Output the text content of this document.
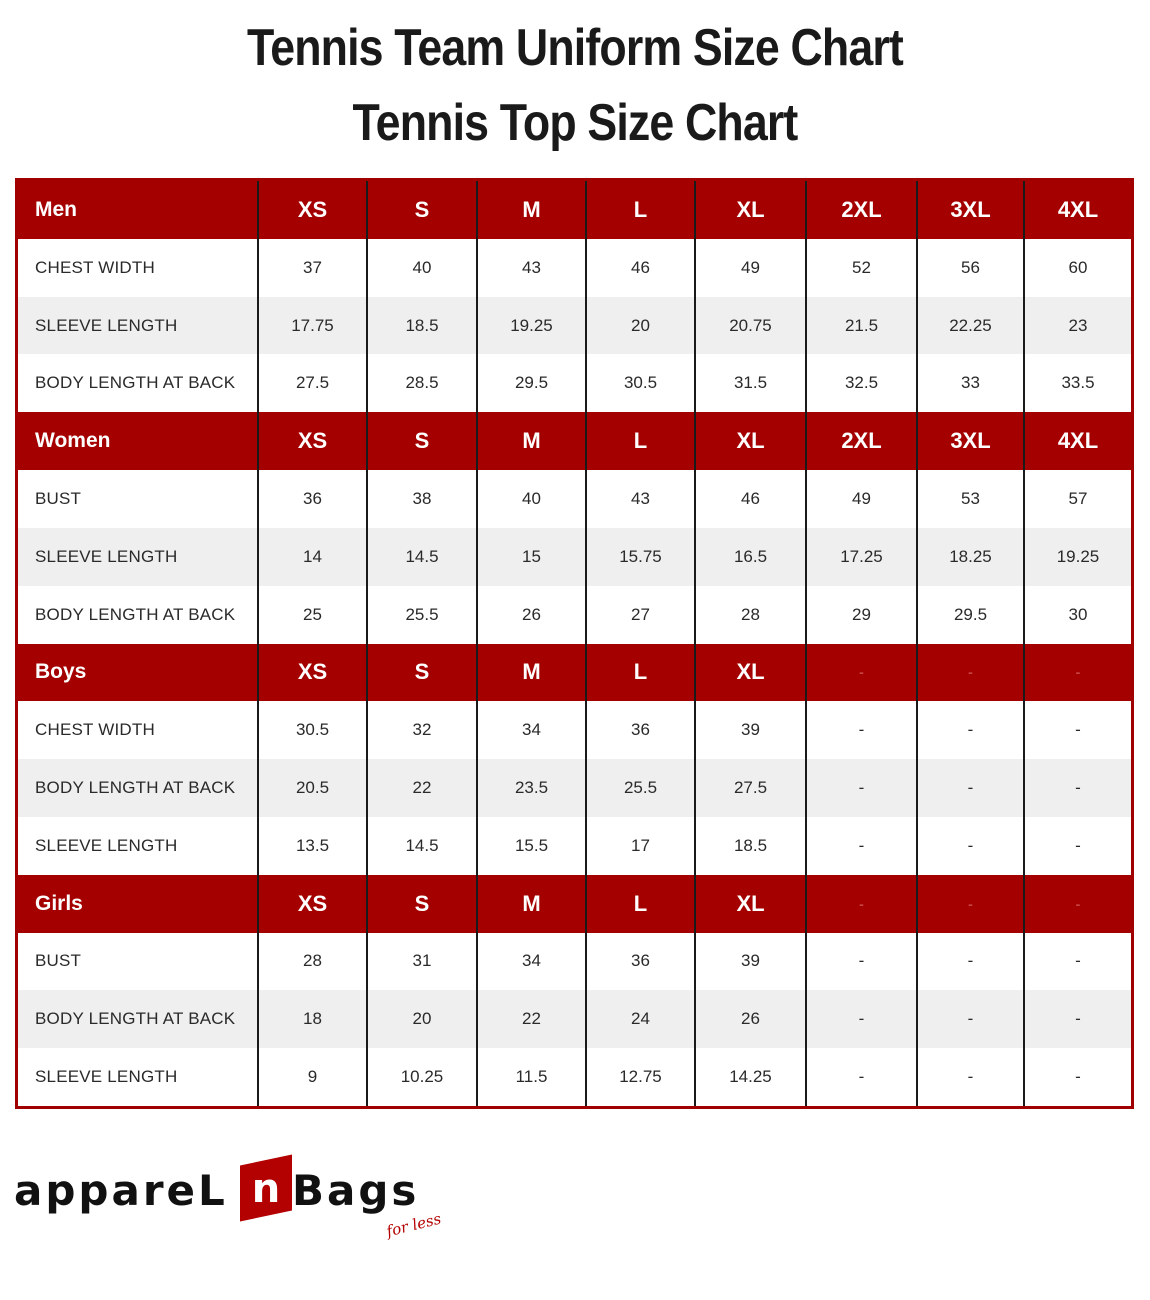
Tennis Team Uniform Size Chart
Tennis Top Size Chart
Men	XS	S	M	L	XL	2XL	3XL	4XL
CHEST WIDTH	37	40	43	46	49	52	56	60
SLEEVE LENGTH	17.75	18.5	19.25	20	20.75	21.5	22.25	23
BODY LENGTH AT BACK	27.5	28.5	29.5	30.5	31.5	32.5	33	33.5
Women	XS	S	M	L	XL	2XL	3XL	4XL
BUST	36	38	40	43	46	49	53	57
SLEEVE LENGTH	14	14.5	15	15.75	16.5	17.25	18.25	19.25
BODY LENGTH AT BACK	25	25.5	26	27	28	29	29.5	30
Boys	XS	S	M	L	XL	-	-	-
CHEST WIDTH	30.5	32	34	36	39	-	-	-
BODY LENGTH AT BACK	20.5	22	23.5	25.5	27.5	-	-	-
SLEEVE LENGTH	13.5	14.5	15.5	17	18.5	-	-	-
Girls	XS	S	M	L	XL	-	-	-
BUST	28	31	34	36	39	-	-	-
BODY LENGTH AT BACK	18	20	22	24	26	-	-	-
SLEEVE LENGTH	9	10.25	11.5	12.75	14.25	-	-	-
appareL n Bags
for less
